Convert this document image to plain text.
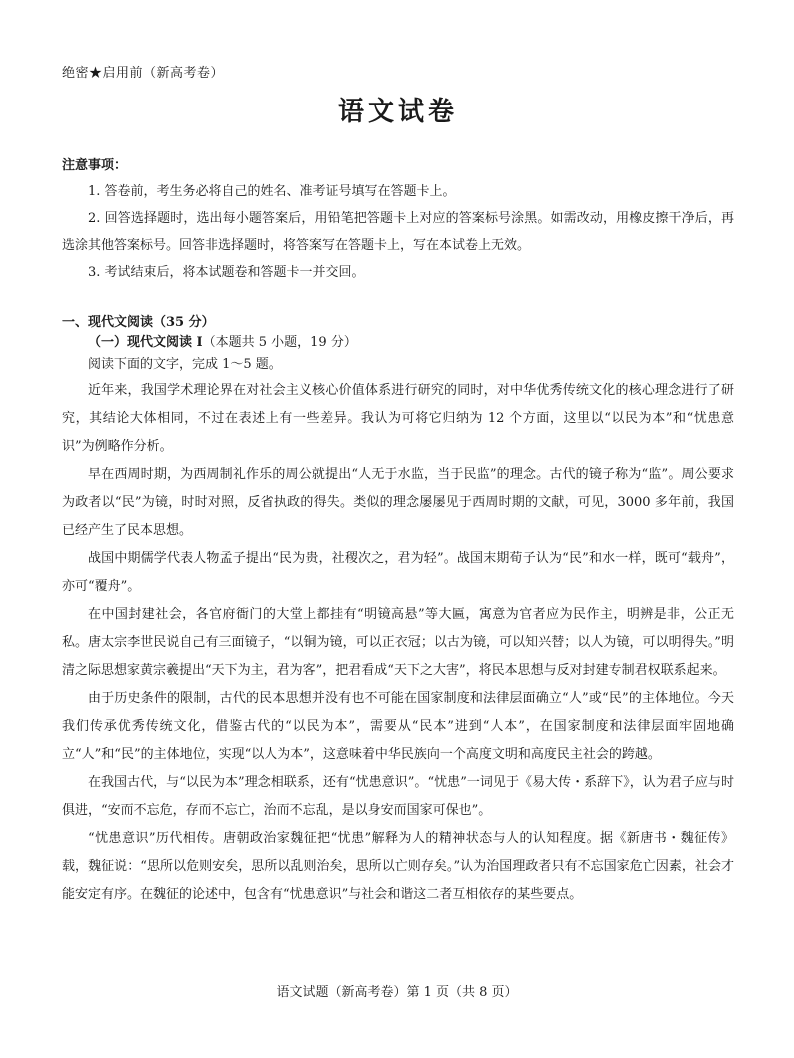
绝密★启用前（新高考卷）
语文试卷
注意事项：

1. 答卷前，考生务必将自己的姓名、准考证号填写在答题卡上。

2. 回答选择题时，选出每小题答案后，用铅笔把答题卡上对应的答案标号涂黑。如需改动，用橡皮擦干净后，再选涂其他答案标号。回答非选择题时，将答案写在答题卡上，写在本试卷上无效。

3. 考试结束后，将本试题卷和答题卡一并交回。

一、现代文阅读（35 分）
（一）现代文阅读 I（本题共 5 小题，19 分）
阅读下面的文字，完成 1～5 题。

近年来，我国学术理论界在对社会主义核心价值体系进行研究的同时，对中华优秀传统文化的核心理念进行了研究，其结论大体相同，不过在表述上有一些差异。我认为可将它归纳为 12 个方面，这里以“以民为本”和“忧患意识”为例略作分析。

早在西周时期，为西周制礼作乐的周公就提出“人无于水监，当于民监”的理念。古代的镜子称为“监”。周公要求为政者以“民”为镜，时时对照，反省执政的得失。类似的理念屡屡见于西周时期的文献，可见，3000 多年前，我国已经产生了民本思想。

战国中期儒学代表人物孟子提出“民为贵，社稷次之，君为轻”。战国末期荀子认为“民”和水一样，既可“载舟”，亦可“覆舟”。

在中国封建社会，各官府衙门的大堂上都挂有“明镜高悬”等大匾，寓意为官者应为民作主，明辨是非，公正无私。唐太宗李世民说自己有三面镜子，“以铜为镜，可以正衣冠；以古为镜，可以知兴替；以人为镜，可以明得失。”明清之际思想家黄宗羲提出“天下为主，君为客”，把君看成“天下之大害”，将民本思想与反对封建专制君权联系起来。

由于历史条件的限制，古代的民本思想并没有也不可能在国家制度和法律层面确立“人”或“民”的主体地位。今天我们传承优秀传统文化，借鉴古代的“以民为本”，需要从“民本”进到“人本”，在国家制度和法律层面牢固地确立“人”和“民”的主体地位，实现“以人为本”，这意味着中华民族向一个高度文明和高度民主社会的跨越。

在我国古代，与“以民为本”理念相联系，还有“忧患意识”。“忧患”一词见于《易大传・系辞下》，认为君子应与时俱进，“安而不忘危，存而不忘亡，治而不忘乱，是以身安而国家可保也”。

“忧患意识”历代相传。唐朝政治家魏征把“忧患”解释为人的精神状态与人的认知程度。据《新唐书・魏征传》载，魏征说：“思所以危则安矣，思所以乱则治矣，思所以亡则存矣。”认为治国理政者只有不忘国家危亡因素，社会才能安定有序。在魏征的论述中，包含有“忧患意识”与社会和谐这二者互相依存的某些要点。

语文试题（新高考卷）第 1 页（共 8 页）
